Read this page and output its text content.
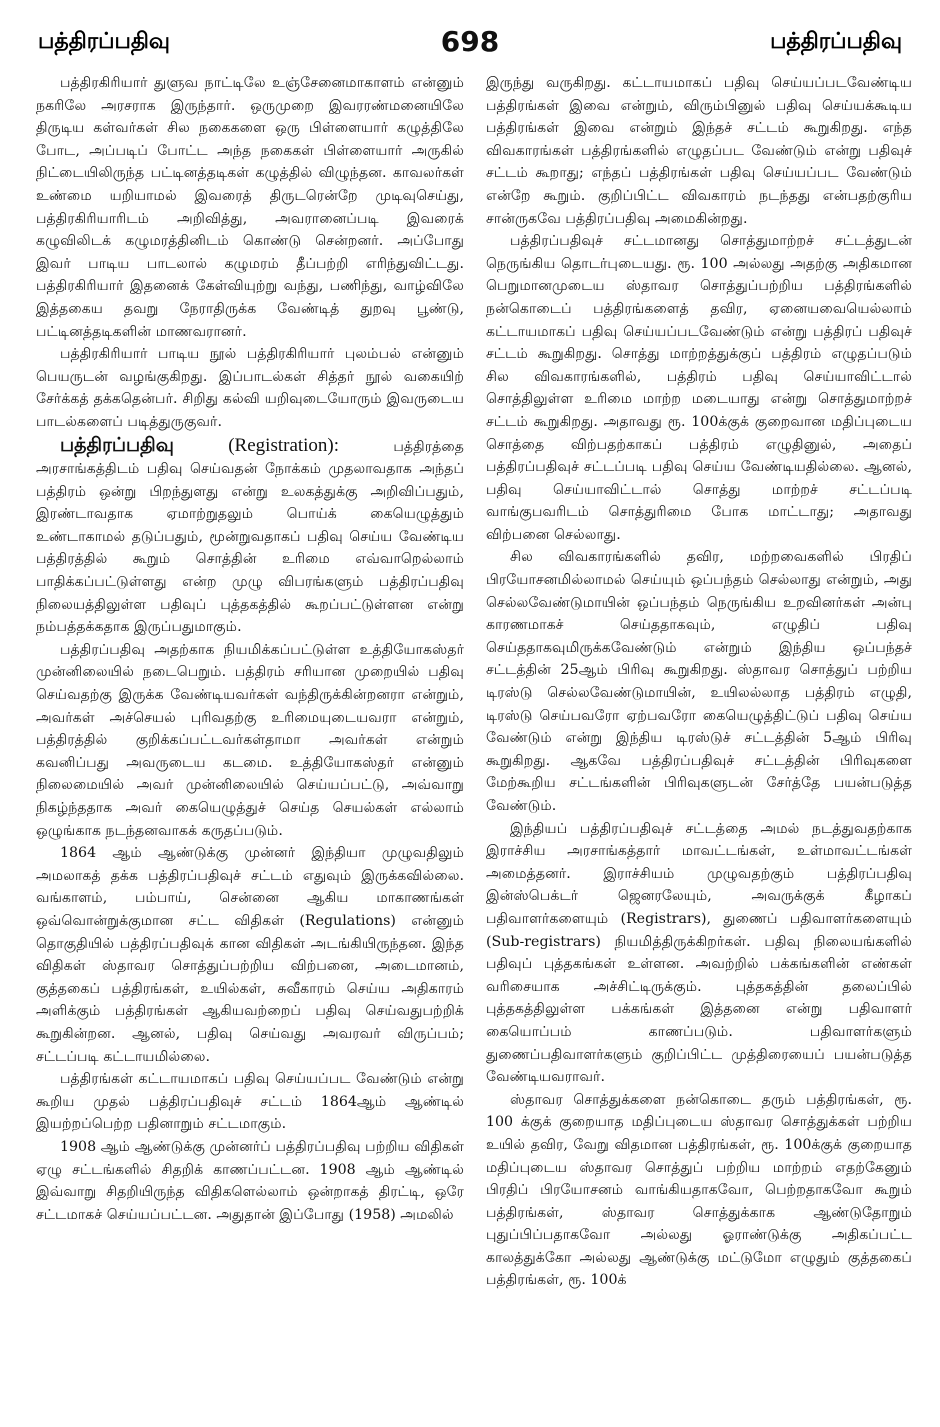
பத்திரப்பதிவு	698	பத்திரப்பதிவு

பத்திரகிரியார் துளுவ நாட்டிலே உஞ்சேனைமாகாளம் என்னும் நகரிலே அரசராக இருந்தார். ஒருமுறை இவரரண்மனையிலே திருடிய கள்வர்கள் சில நகைகளை ஒரு பிள்ளையார் கழுத்திலே போட, அப்படிப் போட்ட அந்த நகைகள் பிள்ளையார் அருகில் நிட்டையிலிருந்த பட்டினத்தடிகள் கழுத்தில் விழுந்தன. காவலர்கள் உண்மை யறியாமல் இவரைத் திருடரென்றே முடிவுசெய்து, பத்திரகிரியாரிடம் அறிவித்து, அவரானைப்படி இவரைக் கழுவிலிடக் கழுமரத்தினிடம் கொண்டு சென்றனர். அப்போது இவர் பாடிய பாடலால் கழுமரம் தீப்பற்றி எரிந்துவிட்டது. பத்திரகிரியார் இதனைக் கேள்வியுற்று வந்து, பணிந்து, வாழ்விலே இத்தகைய தவறு நேராதிருக்க வேண்டித் துறவு பூண்டு, பட்டினத்தடிகளின் மாணவரானர்.

பத்திரகிரியார் பாடிய நூல் பத்திரகிரியார் புலம்பல் என்னும் பெயருடன் வழங்குகிறது. இப்பாடல்கள் சித்தர் நூல் வகையிற் சேர்க்கத் தக்கதென்பர். சிறிது கல்வி யறிவுடையோரும் இவருடைய பாடல்களைப் படித்துருகுவர்.

பத்திரப்பதிவு	(Registration):	பத்திரத்தை அரசாங்கத்திடம் பதிவு செய்வதன் நோக்கம் முதலாவதாக அந்தப் பத்திரம் ஒன்று பிறந்துளது என்று உலகத்துக்கு அறிவிப்பதும், இரண்டாவதாக ஏமாற்றுதலும் பொய்க் கையெழுத்தும் உண்டாகாமல் தடுப்பதும், மூன்றுவதாகப் பதிவு செய்ய வேண்டிய பத்திரத்தில் கூறும் சொத்தின் உரிமை எவ்வாறெல்லாம் பாதிக்கப்பட்டுள்ளது என்ற முழு விபரங்களும் பத்திரப்பதிவு நிலையத்திலுள்ள பதிவுப் புத்தகத்தில் கூறப்பட்டுள்ளன என்று நம்பத்தக்கதாக இருப்பதுமாகும்.

பத்திரப்பதிவு அதற்காக நியமிக்கப்பட்டுள்ள உத்தியோகஸ்தர் முன்னிலையில் நடைபெறும். பத்திரம் சரியான முறையில் பதிவு செய்வதற்கு இருக்க வேண்டியவர்கள் வந்திருக்கின்றனரா என்றும், அவர்கள் அச்செயல் புரிவதற்கு உரிமையுடையவரா என்றும், பத்திரத்தில் குறிக்கப்பட்டவர்கள்தாமா அவர்கள் என்றும் கவனிப்பது அவருடைய கடமை. உத்தியோகஸ்தர் என்னும் நிலைமையில் அவர் முன்னிலையில் செய்யப்பட்டு, அவ்வாறு நிகழ்ந்ததாக அவர் கையெழுத்துச் செய்த செயல்கள் எல்லாம் ஒழுங்காக நடந்தனவாகக் கருதப்படும்.

1864 ஆம் ஆண்டுக்கு முன்னர் இந்தியா முழுவதிலும் அமலாகத் தக்க பத்திரப்பதிவுச் சட்டம் எதுவும் இருக்கவில்லை. வங்காளம், பம்பாய், சென்னை ஆகிய மாகாணங்கள் ஒவ்வொன்றுக்குமான சட்ட விதிகள் (Regulations) என்னும் தொகுதியில் பத்திரப்பதிவுக் கான விதிகள் அடங்கியிருந்தன. இந்த விதிகள் ஸ்தாவர சொத்துப்பற்றிய விற்பனை, அடைமானம், குத்தகைப் பத்திரங்கள், உயில்கள், சுவீகாரம் செய்ய அதிகாரம் அளிக்கும் பத்திரங்கள் ஆகியவற்றைப் பதிவு செய்வதுபற்றிக் கூறுகின்றன. ஆனல், பதிவு செய்வது அவரவர் விருப்பம்; சட்டப்படி கட்டாயமில்லை.

பத்திரங்கள் கட்டாயமாகப் பதிவு செய்யப்பட வேண்டும் என்று கூறிய முதல் பத்திரப்பதிவுச் சட்டம் 1864ஆம் ஆண்டில் இயற்றப்பெற்ற பதினாறும் சட்டமாகும்.

1908 ஆம் ஆண்டுக்கு முன்னர்ப் பத்திரப்பதிவு பற்றிய விதிகள் ஏழு சட்டங்களில் சிதறிக் காணப்பட்டன. 1908 ஆம் ஆண்டில் இவ்வாறு சிதறியிருந்த விதிகளெல்லாம் ஒன்றாகத் திரட்டி, ஒரே சட்டமாகச் செய்யப்பட்டன. அதுதான் இப்போது (1958) அமலில்

இருந்து வருகிறது. கட்டாயமாகப் பதிவு செய்யப்படவேண்டிய பத்திரங்கள் இவை என்றும், விரும்பினுல் பதிவு செய்யக்கூடிய பத்திரங்கள் இவை என்றும் இந்தச் சட்டம் கூறுகிறது. எந்த விவகாரங்கள் பத்திரங்களில் எழுதப்பட வேண்டும் என்று பதிவுச் சட்டம் கூறாது; எந்தப் பத்திரங்கள் பதிவு செய்யப்பட வேண்டும் என்றே கூறும். குறிப்பிட்ட விவகாரம் நடந்தது என்பதற்குரிய சான்ருகவே பத்திரப்பதிவு அமைகின்றது.

பத்திரப்பதிவுச் சட்டமானது சொத்துமாற்றச் சட்டத்துடன் நெருங்கிய தொடர்புடையது. ரூ. 100 அல்லது அதற்கு அதிகமான பெறுமானமுடைய ஸ்தாவர சொத்துப்பற்றிய பத்திரங்களில் நன்கொடைப் பத்திரங்களைத் தவிர, ஏனையவையெல்லாம் கட்டாயமாகப் பதிவு செய்யப்படவேண்டும் என்று பத்திரப் பதிவுச் சட்டம் கூறுகிறது. சொத்து மாற்றத்துக்குப் பத்திரம் எழுதப்படும் சில விவகாரங்களில், பத்திரம் பதிவு செய்யாவிட்டால் சொத்திலுள்ள உரிமை மாற்ற மடையாது என்று சொத்துமாற்றச் சட்டம் கூறுகிறது. அதாவது ரூ. 100க்குக் குறைவான மதிப்புடைய சொத்தை விற்பதற்காகப் பத்திரம் எழுதினுல், அதைப் பத்திரப்பதிவுச் சட்டப்படி பதிவு செய்ய வேண்டியதில்லை. ஆனல், பதிவு செய்யாவிட்டால் சொத்து மாற்றச் சட்டப்படி வாங்குபவரிடம் சொத்துரிமை போக மாட்டாது; அதாவது விற்பனை செல்லாது.

சில விவகாரங்களில் தவிர, மற்றவைகளில் பிரதிப் பிரயோசனமில்லாமல் செய்யும் ஒப்பந்தம் செல்லாது என்றும், அது செல்லவேண்டுமாயின் ஒப்பந்தம் நெருங்கிய உறவினர்கள் அன்பு காரணமாகச் செய்ததாகவும், எழுதிப் பதிவு செய்ததாகவுமிருக்கவேண்டும் என்றும் இந்திய ஒப்பந்தச் சட்டத்தின் 25ஆம் பிரிவு கூறுகிறது. ஸ்தாவர சொத்துப் பற்றிய டிரஸ்டு செல்லவேண்டுமாயின், உயிலல்லாத பத்திரம் எழுதி, டிரஸ்டு செய்பவரோ ஏற்பவரோ கையெழுத்திட்டுப் பதிவு செய்ய வேண்டும் என்று இந்திய டிரஸ்டுச் சட்டத்தின் 5ஆம் பிரிவு கூறுகிறது. ஆகவே பத்திரப்பதிவுச் சட்டத்தின் பிரிவுகளை மேற்கூறிய சட்டங்களின் பிரிவுகளுடன் சேர்த்தே பயன்படுத்த வேண்டும்.

இந்தியப் பத்திரப்பதிவுச் சட்டத்தை அமல் நடத்துவதற்காக இராச்சிய அரசாங்கத்தார் மாவட்டங்கள், உள்மாவட்டங்கள் அமைத்தனர். இராச்சியம் முழுவதற்கும் பத்திரப்பதிவு இன்ஸ்பெக்டர் ஜெனரலேயும், அவருக்குக் கீழாகப் பதிவாளர்களையும் (Registrars), துணைப் பதிவாளர்களையும் (Sub-registrars) நியமித்திருக்கிறர்கள். பதிவு நிலையங்களில் பதிவுப் புத்தகங்கள் உள்ளன. அவற்றில் பக்கங்களின் எண்கள் வரிசையாக அச்சிட்டிருக்கும். புத்தகத்தின் தலைப்பில் புத்தகத்திலுள்ள பக்கங்கள் இத்தனை என்று பதிவாளர் கையொப்பம் காணப்படும். பதிவாளர்களும் துணைப்பதிவாளர்களும் குறிப்பிட்ட முத்திரையைப் பயன்படுத்த வேண்டியவராவர்.

ஸ்தாவர சொத்துக்களை நன்கொடை தரும் பத்திரங்கள், ரூ. 100 க்குக் குறையாத மதிப்புடைய ஸ்தாவர சொத்துக்கள் பற்றிய உயில் தவிர, வேறு விதமான பத்திரங்கள், ரூ. 100க்குக் குறையாத மதிப்புடைய ஸ்தாவர சொத்துப் பற்றிய மாற்றம் எதற்கேனும் பிரதிப் பிரயோசனம் வாங்கியதாகவோ, பெற்றதாகவோ கூறும் பத்திரங்கள், ஸ்தாவர சொத்துக்காக ஆண்டுதோறும் புதுப்பிப்பதாகவோ அல்லது ஓராண்டுக்கு அதிகப்பட்ட காலத்துக்கோ அல்லது ஆண்டுக்கு மட்டுமோ எழுதும் குத்தகைப் பத்திரங்கள், ரூ. 100க்
